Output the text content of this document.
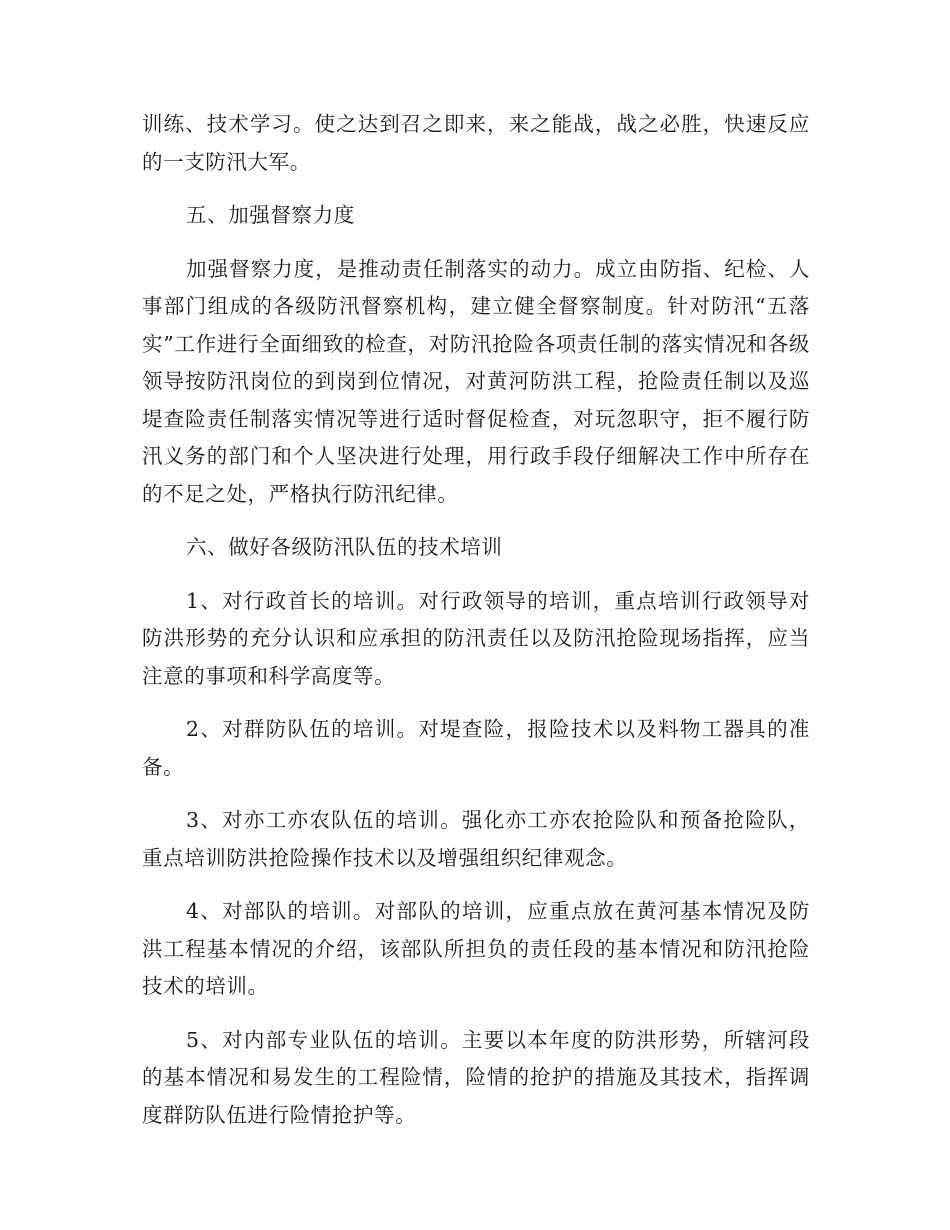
训练、技术学习。使之达到召之即来，来之能战，战之必胜，快速反应的一支防汛大军。

五、加强督察力度

加强督察力度，是推动责任制落实的动力。成立由防指、纪检、人事部门组成的各级防汛督察机构，建立健全督察制度。针对防汛“五落实”工作进行全面细致的检查，对防汛抢险各项责任制的落实情况和各级领导按防汛岗位的到岗到位情况，对黄河防洪工程，抢险责任制以及巡堤查险责任制落实情况等进行适时督促检查，对玩忽职守，拒不履行防汛义务的部门和个人坚决进行处理，用行政手段仔细解决工作中所存在的不足之处，严格执行防汛纪律。

六、做好各级防汛队伍的技术培训

1、对行政首长的培训。对行政领导的培训，重点培训行政领导对防洪形势的充分认识和应承担的防汛责任以及防汛抢险现场指挥，应当注意的事项和科学高度等。

2、对群防队伍的培训。对堤查险，报险技术以及料物工器具的准备。

3、对亦工亦农队伍的培训。强化亦工亦农抢险队和预备抢险队，重点培训防洪抢险操作技术以及增强组织纪律观念。

4、对部队的培训。对部队的培训，应重点放在黄河基本情况及防洪工程基本情况的介绍，该部队所担负的责任段的基本情况和防汛抢险技术的培训。

5、对内部专业队伍的培训。主要以本年度的防洪形势，所辖河段的基本情况和易发生的工程险情，险情的抢护的措施及其技术，指挥调度群防队伍进行险情抢护等。
